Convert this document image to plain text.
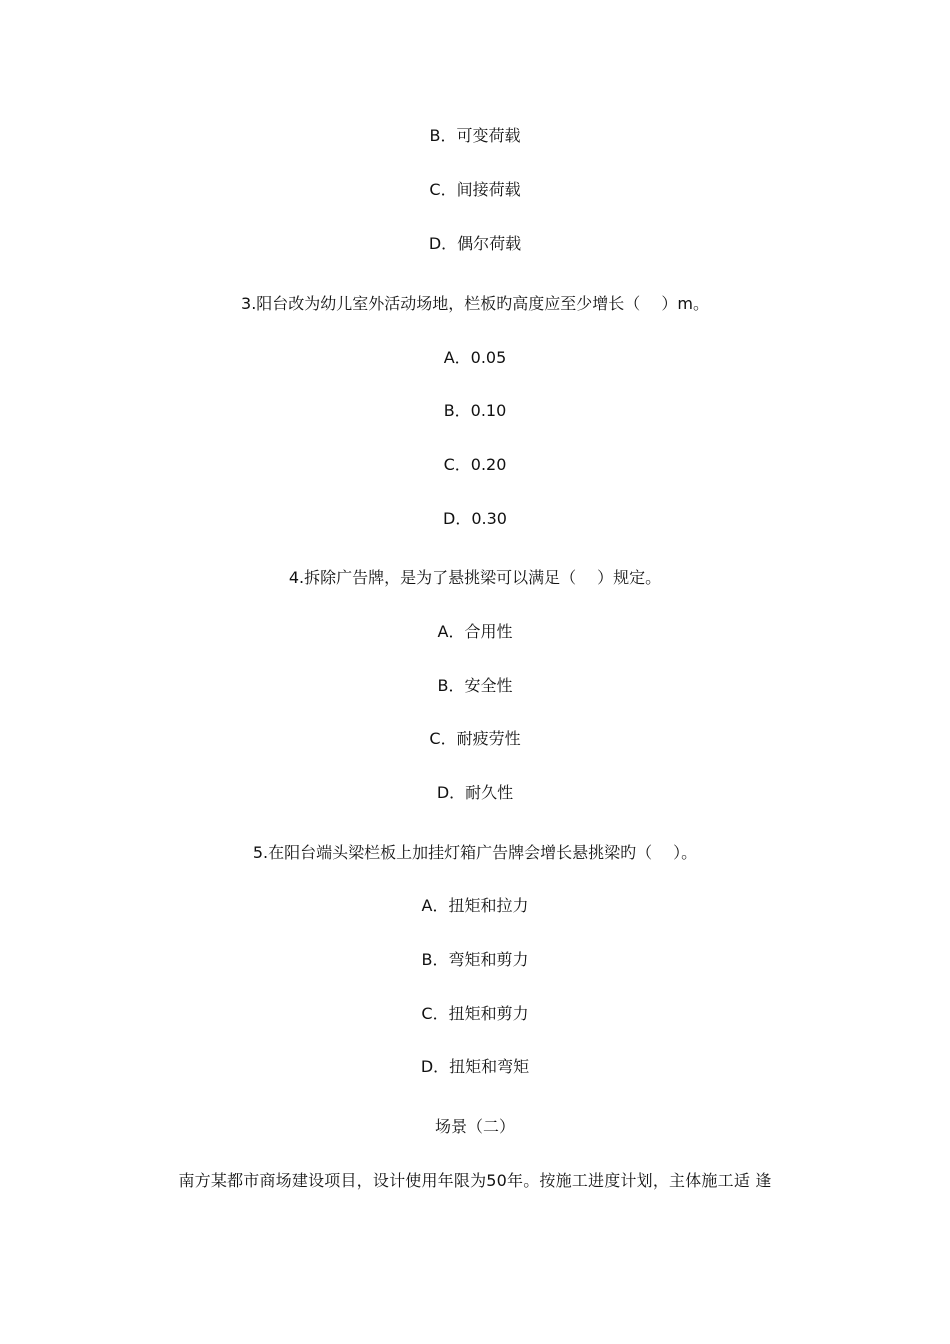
B．可变荷载
C．间接荷载
D．偶尔荷载
3.阳台改为幼儿室外活动场地，栏板旳高度应至少增长（　 ）m。
A．0.05
B．0.10
C．0.20
D．0.30
4.拆除广告牌，是为了悬挑梁可以满足（　 ）规定。
A．合用性
B．安全性
C．耐疲劳性
D．耐久性
5.在阳台端头梁栏板上加挂灯箱广告牌会增长悬挑梁旳（　 ）。
A．扭矩和拉力
B．弯矩和剪力
C．扭矩和剪力
D．扭矩和弯矩
场景（二）
南方某都市商场建设项目，设计使用年限为50年。按施工进度计划，主体施工适 逢
